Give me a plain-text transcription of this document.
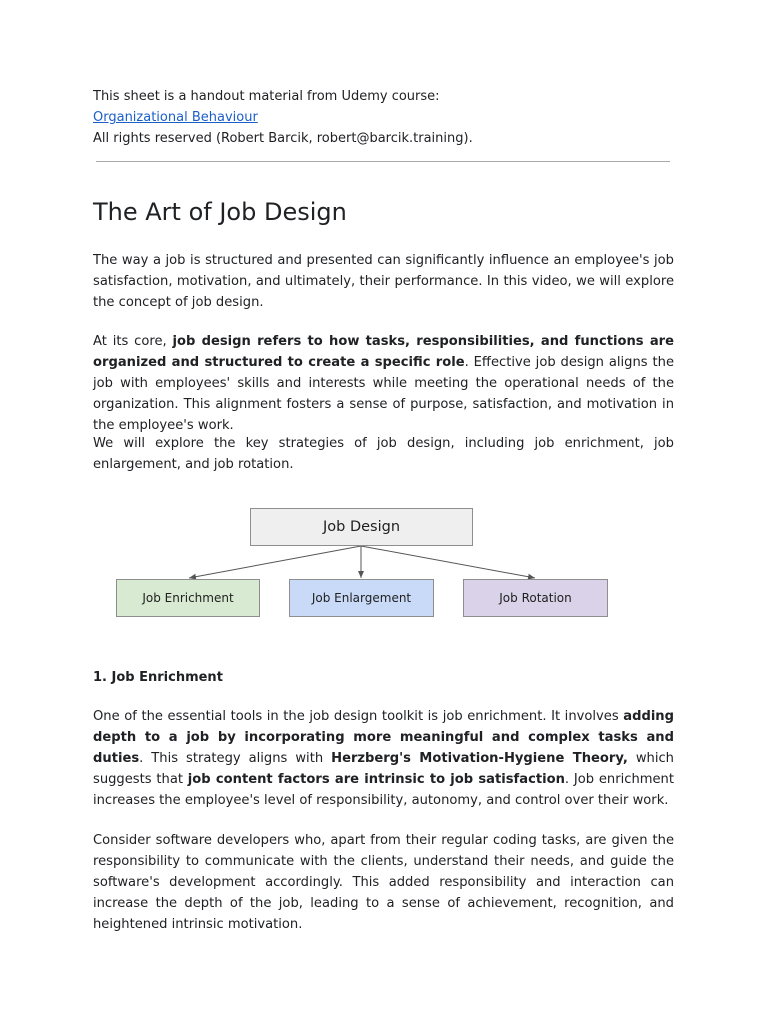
This sheet is a handout material from Udemy course:
Organizational Behaviour
All rights reserved (Robert Barcik, robert@barcik.training).
The Art of Job Design

The way a job is structured and presented can significantly influence an employee's job satisfaction, motivation, and ultimately, their performance. In this video, we will explore the concept of job design.

At its core, job design refers to how tasks, responsibilities, and functions are organized and structured to create a specific role. Effective job design aligns the job with employees' skills and interests while meeting the operational needs of the organization. This alignment fosters a sense of purpose, satisfaction, and motivation in the employee's work.

We will explore the key strategies of job design, including job enrichment, job enlargement, and job rotation.

Job Design
Job Enrichment	Job Enlargement	Job Rotation
1. Job Enrichment

One of the essential tools in the job design toolkit is job enrichment. It involves adding depth to a job by incorporating more meaningful and complex tasks and duties. This strategy aligns with Herzberg's Motivation-Hygiene Theory, which suggests that job content factors are intrinsic to job satisfaction. Job enrichment increases the employee's level of responsibility, autonomy, and control over their work.

Consider software developers who, apart from their regular coding tasks, are given the responsibility to communicate with the clients, understand their needs, and guide the software's development accordingly. This added responsibility and interaction can increase the depth of the job, leading to a sense of achievement, recognition, and heightened intrinsic motivation.
